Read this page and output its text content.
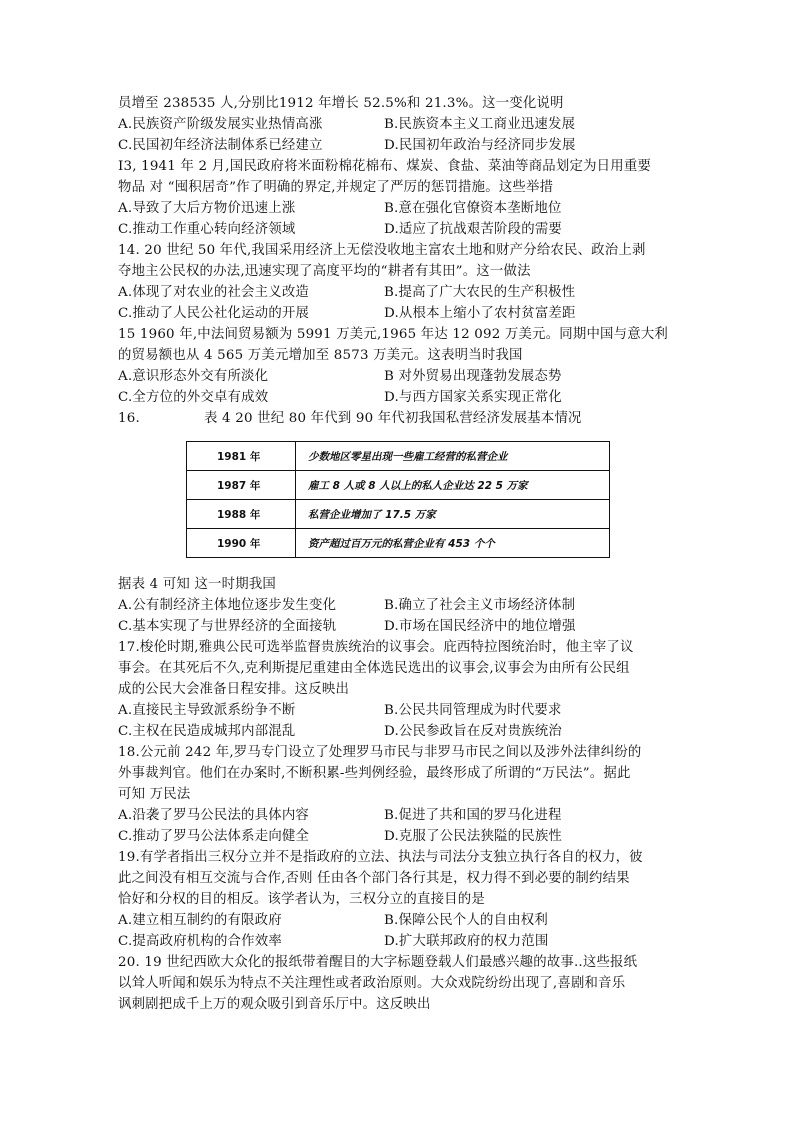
员增至 238535 人,分别比1912 年增长 52.5%和 21.3%。这一变化说明
A.民族资产阶级发展实业热情高涨	B.民族资本主义工商业迅速发展
C.民国初年经济法制体系已经建立	D.民国初年政治与经济同步发展
I3, 1941 年 2 月,国民政府将米面粉棉花棉布、煤炭、食盐、菜油等商品划定为日用重要
物品 对 “囤积居奇”作了明确的界定,并规定了严厉的惩罚措施。这些举措
A.导致了大后方物价迅速上涨	B.意在强化官僚资本垄断地位
C.推动工作重心转向经济领域	D.适应了抗战艰苦阶段的需要
14. 20 世纪 50 年代,我国采用经济上无偿没收地主富农土地和财产分给农民、政治上剥
夺地主公民权的办法,迅速实现了高度平均的“耕者有其田”。这一做法
A.体现了对农业的社会主义改造	B.提高了广大农民的生产积极性
C.推动了人民公社化运动的开展	D.从根本上缩小了农村贫富差距
15 1960 年,中法间贸易额为 5991 万美元,1965 年达 12 092 万美元。同期中国与意大利
的贸易额也从 4 565 万美元增加至 8573 万美元。这表明当时我国
A.意识形态外交有所淡化	B 对外贸易出现蓬勃发展态势
C.全方位的外交卓有成效	D.与西方国家关系实现正常化
16.	表 4 20 世纪 80 年代到 90 年代初我国私营经济发展基本情况
1981 年	少数地区零星出现一些雇工经营的私营企业
1987 年	雇工 8 人或 8 人以上的私人企业达 22 5 万家
1988 年	私营企业增加了 17.5 万家
1990 年	资产超过百万元的私营企业有 453 个个
据表 4 可知 这一时期我国
A.公有制经济主体地位逐步发生变化	B.确立了社会主义市场经济体制
C.基本实现了与世界经济的全面接轨	D.市场在国民经济中的地位增强
17.梭伦时期,雅典公民可选举监督贵族统治的议事会。庇西特拉图统治时，他主宰了议
事会。在其死后不久,克利斯提尼重建由全体选民选出的议事会,议事会为由所有公民组
成的公民大会准备日程安排。这反映出
A.直接民主导致派系纷争不断	B.公民共同管理成为时代要求
C.主权在民造成城邦内部混乱	D.公民参政旨在反对贵族统治
18.公元前 242 年,罗马专门设立了处理罗马市民与非罗马市民之间以及涉外法律纠纷的
外事裁判官。他们在办案时,不断积累-些判例经验，最终形成了所谓的“万民法”。据此
可知 万民法
A.沿袭了罗马公民法的具体内容	B.促进了共和国的罗马化进程
C.推动了罗马公法体系走向健全	D.克服了公民法狭隘的民族性
19.有学者指出三权分立并不是指政府的立法、执法与司法分支独立执行各自的权力，彼
此之间没有相互交流与合作,否则 任由各个部门各行其是，权力得不到必要的制约结果
恰好和分权的目的相反。该学者认为，三权分立的直接目的是
A.建立相互制约的有限政府	B.保障公民个人的自由权利
C.提高政府机构的合作效率	D.扩大联邦政府的权力范围
20. 19 世纪西欧大众化的报纸带着醒目的大字标题登载人们最感兴趣的故事..这些报纸
以耸人听闻和娱乐为特点不关注理性或者政治原则。大众戏院纷纷出现了,喜剧和音乐
讽刺剧把成千上万的观众吸引到音乐厅中。这反映出
